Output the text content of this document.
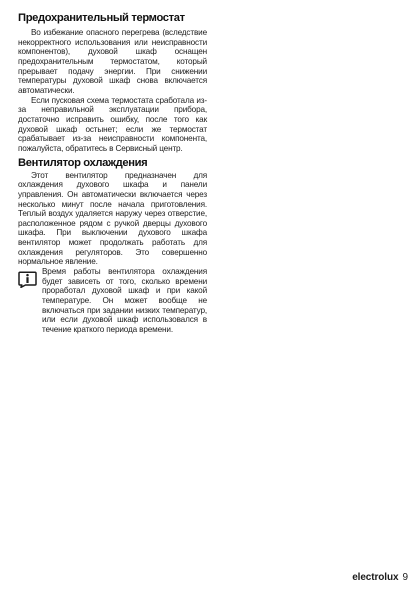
Предохранительный термостат

Во избежание опасного перегрева (вследствие некорректного использования или неисправности компонентов), духовой шкаф оснащен предохранительным термостатом, который прерывает подачу энергии. При снижении температуры духовой шкаф снова включается автоматически.

Если пусковая схема термостата сработала из-за неправильной эксплуатации прибора, достаточно исправить ошибку, после того как духовой шкаф остынет; если же термостат срабатывает из-за неисправности компонента, пожалуйста, обратитесь в Сервисный центр.

Вентилятор охлаждения

Этот вентилятор предназначен для охлаждения духового шкафа и панели управления. Он автоматически включается через несколько минут после начала приготовления. Теплый воздух удаляется наружу через отверстие, расположенное рядом с ручкой дверцы духового шкафа. При выключении духового шкафа вентилятор может продолжать работать для охлаждения регуляторов. Это совершенно нормальное явление.

Время работы вентилятора охлаждения будет зависеть от того, сколько времени проработал духовой шкаф и при какой температуре. Он может вообще не включаться при задании низких температур, или если духовой шкаф использовался в течение краткого периода времени.

electrolux 9
